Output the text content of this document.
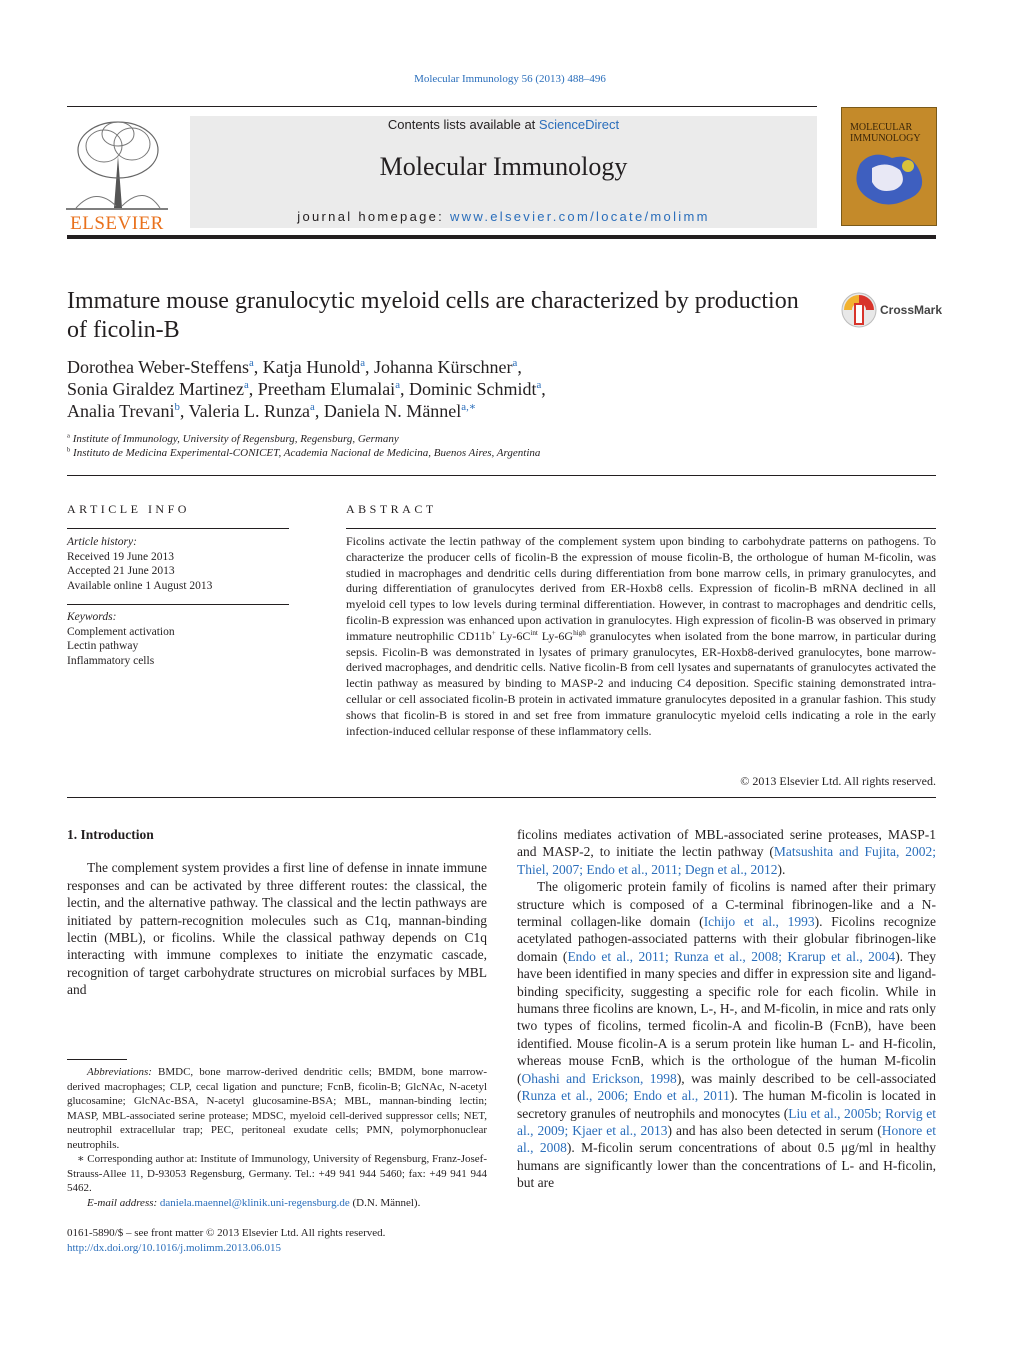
Molecular Immunology 56 (2013) 488–496
ELSEVIER
Contents lists available at ScienceDirect
Molecular Immunology
journal homepage: www.elsevier.com/locate/molimm
MOLECULAR IMMUNOLOGY
Immature mouse granulocytic myeloid cells are characterized by production of ficolin-B
CrossMark
Dorothea Weber-Steffens$^a$, Katja Hunold$^a$, Johanna Kürschner$^a$,
Sonia Giraldez Martinez$^a$, Preetham Elumalai$^a$, Dominic Schmidt$^a$,
Analia Trevani$^b$, Valeria L. Runza$^a$, Daniela N. Männel$^{a,∗}$
$^a$ Institute of Immunology, University of Regensburg, Regensburg, Germany
$^b$ Instituto de Medicina Experimental-CONICET, Academia Nacional de Medicina, Buenos Aires, Argentina
ARTICLE INFO	ABSTRACT
Article history:
Received 19 June 2013
Accepted 21 June 2013
Available online 1 August 2013
Keywords:
Complement activation
Lectin pathway
Inflammatory cells
Ficolins activate the lectin pathway of the complement system upon binding to carbohydrate patterns on pathogens. To characterize the producer cells of ficolin-B the expression of mouse ficolin-B, the orthologue of human M-ficolin, was studied in macrophages and dendritic cells during differentiation from bone marrow cells, in primary granulocytes, and during differentiation of granulocytes derived from ER-Hoxb8 cells. Expression of ficolin-B mRNA declined in all myeloid cell types to low levels during terminal differentiation. However, in contrast to macrophages and dendritic cells, ficolin-B expression was enhanced upon activation in granulocytes. High expression of ficolin-B was observed in primary immature neutrophilic CD11b+ $Ly-6C^{int}$ $Ly-6G^{high}$ granulocytes when isolated from the bone marrow, in particular during sepsis. Ficolin-B was demonstrated in lysates of primary granulocytes, ER-Hoxb8-derived granulocytes, bone marrow-derived macrophages, and dendritic cells. Native ficolin-B from cell lysates and supernatants of granulocytes activated the lectin pathway as measured by binding to MASP-2 and inducing C4 deposition. Specific staining demonstrated intra-cellular or cell associated ficolin-B protein in activated immature granulocytes deposited in a granular fashion. This study shows that ficolin-B is stored in and set free from immature granulocytic myeloid cells indicating a role in the early infection-induced cellular response of these inflammatory cells.
© 2013 Elsevier Ltd. All rights reserved.
1. Introduction

The complement system provides a first line of defense in innate immune responses and can be activated by three different routes: the classical, the lectin, and the alternative pathway. The classical and the lectin pathways are initiated by pattern-recognition molecules such as C1q, mannan-binding lectin (MBL), or ficolins. While the classical pathway depends on C1q interacting with immune complexes to initiate the enzymatic cascade, recognition of target carbohydrate structures on microbial surfaces by MBL and

ficolins mediates activation of MBL-associated serine proteases, MASP-1 and MASP-2, to initiate the lectin pathway (Matsushita and Fujita, 2002; Thiel, 2007; Endo et al., 2011; Degn et al., 2012).

The oligomeric protein family of ficolins is named after their primary structure which is composed of a C-terminal fibrinogen-like and a N-terminal collagen-like domain (Ichijo et al., 1993). Ficolins recognize acetylated pathogen-associated patterns with their globular fibrinogen-like domain (Endo et al., 2011; Runza et al., 2008; Krarup et al., 2004). They have been identified in many species and differ in expression site and ligand-binding specificity, suggesting a specific role for each ficolin. While in humans three ficolins are known, L-, H-, and M-ficolin, in mice and rats only two types of ficolins, termed ficolin-A and ficolin-B (FcnB), have been identified. Mouse ficolin-A is a serum protein like human L- and H-ficolin, whereas mouse FcnB, which is the orthologue of the human M-ficolin (Ohashi and Erickson, 1998), was mainly described to be cell-associated (Runza et al., 2006; Endo et al., 2011). The human M-ficolin is located in secretory granules of neutrophils and monocytes (Liu et al., 2005b; Rorvig et al., 2009; Kjaer et al., 2013) and has also been detected in serum (Honore et al., 2008). M-ficolin serum concentrations of about 0.5 μg/ml in healthy humans are significantly lower than the concentrations of L- and H-ficolin, but are

Abbreviations: BMDC, bone marrow-derived dendritic cells; BMDM, bone marrow-derived macrophages; CLP, cecal ligation and puncture; FcnB, ficolin-B; GlcNAc, N-acetyl glucosamine; GlcNAc-BSA, N-acetyl glucosamine-BSA; MBL, mannan-binding lectin; MASP, MBL-associated serine protease; MDSC, myeloid cell-derived suppressor cells; NET, neutrophil extracellular trap; PEC, peritoneal exudate cells; PMN, polymorphonuclear neutrophils.

∗ Corresponding author at: Institute of Immunology, University of Regensburg, Franz-Josef-Strauss-Allee 11, D-93053 Regensburg, Germany. Tel.: +49 941 944 5460; fax: +49 941 944 5462.

E-mail address: daniela.maennel@klinik.uni-regensburg.de (D.N. Männel).

0161-5890/$ – see front matter © 2013 Elsevier Ltd. All rights reserved.
http://dx.doi.org/10.1016/j.molimm.2013.06.015
